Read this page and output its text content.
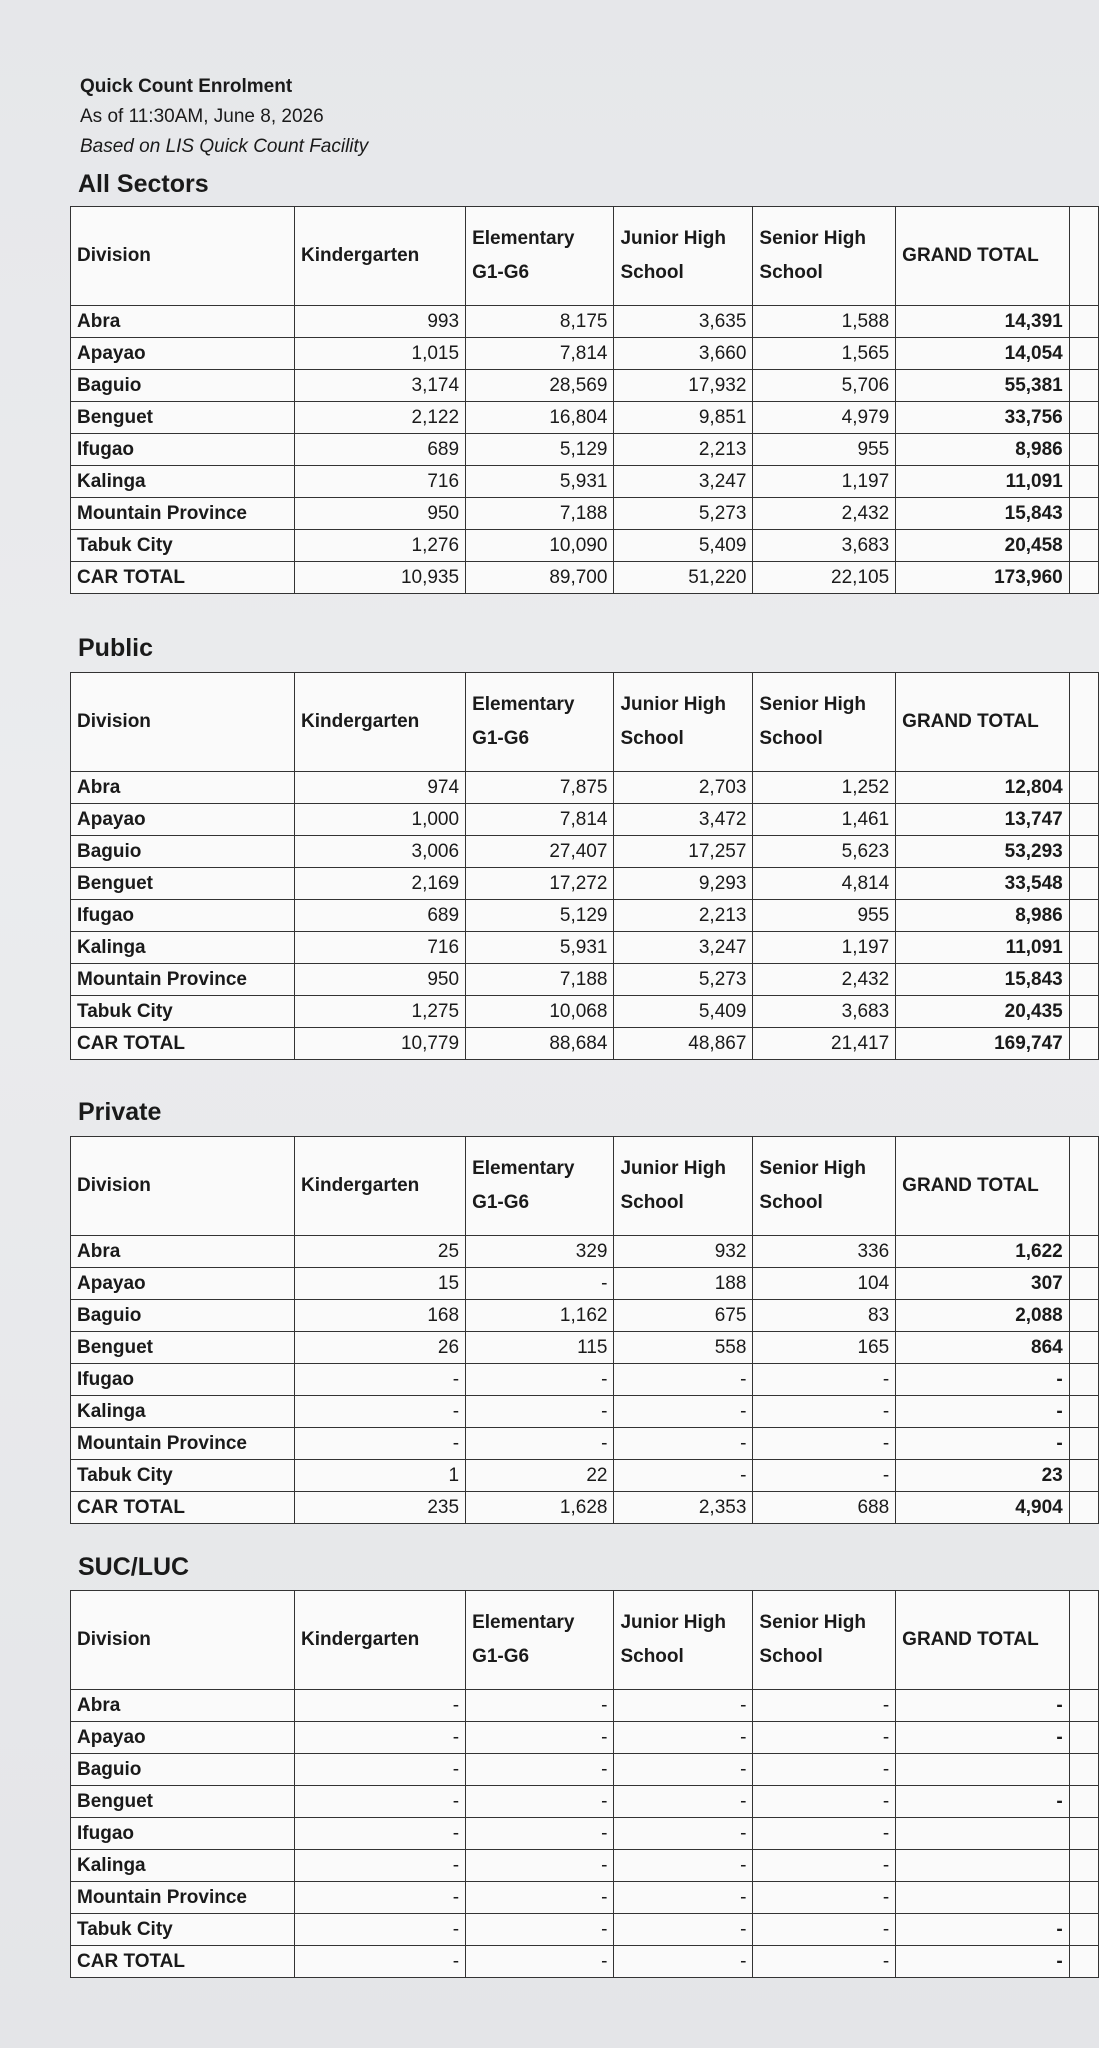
Quick Count Enrolment
As of 11:30AM, June 8, 2026
Based on LIS Quick Count Facility
All Sectors
Division	Kindergarten	Elementary G1-G6	Junior High School	Senior High School	GRAND TOTAL	
Abra	993	8,175	3,635	1,588	14,391	
Apayao	1,015	7,814	3,660	1,565	14,054	
Baguio	3,174	28,569	17,932	5,706	55,381	
Benguet	2,122	16,804	9,851	4,979	33,756	
Ifugao	689	5,129	2,213	955	8,986	
Kalinga	716	5,931	3,247	1,197	11,091	
Mountain Province	950	7,188	5,273	2,432	15,843	
Tabuk City	1,276	10,090	5,409	3,683	20,458	
CAR TOTAL	10,935	89,700	51,220	22,105	173,960	
Public
Division	Kindergarten	Elementary G1-G6	Junior High School	Senior High School	GRAND TOTAL	
Abra	974	7,875	2,703	1,252	12,804	
Apayao	1,000	7,814	3,472	1,461	13,747	
Baguio	3,006	27,407	17,257	5,623	53,293	
Benguet	2,169	17,272	9,293	4,814	33,548	
Ifugao	689	5,129	2,213	955	8,986	
Kalinga	716	5,931	3,247	1,197	11,091	
Mountain Province	950	7,188	5,273	2,432	15,843	
Tabuk City	1,275	10,068	5,409	3,683	20,435	
CAR TOTAL	10,779	88,684	48,867	21,417	169,747	
Private
Division	Kindergarten	Elementary G1-G6	Junior High School	Senior High School	GRAND TOTAL	
Abra	25	329	932	336	1,622	
Apayao	15	-	188	104	307	
Baguio	168	1,162	675	83	2,088	
Benguet	26	115	558	165	864	
Ifugao	-	-	-	-	-	
Kalinga	-	-	-	-	-	
Mountain Province	-	-	-	-	-	
Tabuk City	1	22	-	-	23	
CAR TOTAL	235	1,628	2,353	688	4,904	
SUC/LUC
Division	Kindergarten	Elementary G1-G6	Junior High School	Senior High School	GRAND TOTAL	
Abra	-	-	-	-	-	
Apayao	-	-	-	-	-	
Baguio	-	-	-	-		
Benguet	-	-	-	-	-	
Ifugao	-	-	-	-		
Kalinga	-	-	-	-		
Mountain Province	-	-	-	-		
Tabuk City	-	-	-	-	-	
CAR TOTAL	-	-	-	-	-	
